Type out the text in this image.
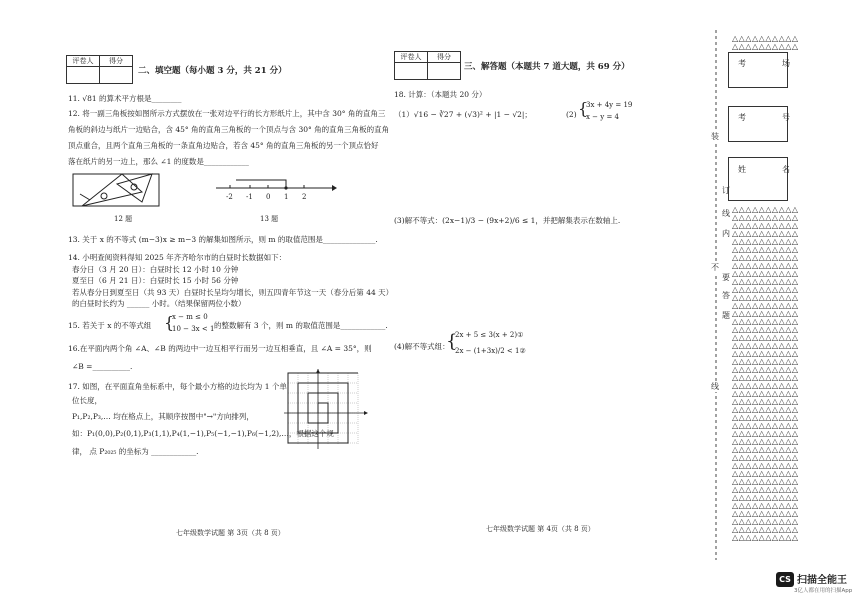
评卷人	得分

二、填空题（每小题 3 分，共 21 分）
11. √81 的算术平方根是________
12. 将一副三角板按如图所示方式摆放在一张对边平行的长方形纸片上，其中含 30° 角的直角三
角板的斜边与纸片一边贴合，含 45° 角的直角三角板的一个顶点与含 30° 角的直角三角板的直角
顶点重合，且两个直角三角板的一条直角边贴合，若含 45° 角的直角三角板的另一个顶点恰好
落在纸片的另一边上，那么 ∠1 的度数是____________
12 题
-2 -1 0 1 2
13 题
13. 关于 x 的不等式 (m−3)x ≥ m−3 的解集如图所示，则 m 的取值范围是______________.
14. 小明查阅资料得知 2025 年齐齐哈尔市的白昼时长数据如下：
春分日（3 月 20 日）：白昼时长 12 小时 10 分钟
夏至日（6 月 21 日）：白昼时长 15 小时 56 分钟
若从春分日到夏至日（共 93 天）白昼时长呈均匀增长，则五四青年节这一天（春分后第 44 天）
的白昼时长约为 ______ 小时。（结果保留两位小数）
15. 若关于 x 的不等式组 {
x − m ≤ 0
10 − 3x < 1 的整数解有 3 个，则 m 的取值范围是____________.
16.在平面内两个角 ∠A、∠B 的两边中一边互相平行而另一边互相垂直，且 ∠A = 35°，则
∠B =__________.
17. 如图，在平面直角坐标系中，每个最小方格的边长均为 1 个单
位长度，
P₁,P₂,P₃,… 均在格点上，其顺序按图中"→"方向排列，
如：P₁(0,0),P₂(0,1),P₃(1,1),P₄(1,−1),P₅(−1,−1),P₆(−1,2),…，根据这个规
律， 点 P₂₀₂₅ 的坐标为 ____________.
七年级数学试题 第 3页（共 8 页）
评卷人	得分

三、解答题（本题共 7 道大题，共 69 分）
18. 计算：（本题共 20 分）
（1）√16 − ∛27 + (√3)² + |1 − √2|；	(2) {
3x + 4y = 19
x − y = 4
(3)解不等式：(2x−1)/3 − (9x+2)/6 ≤ 1，并把解集表示在数轴上.
(4)解不等式组：
{
2x + 5 ≤ 3(x + 2)①
2x − (1+3x)/2 < 1②
七年级数学试题 第 4页（共 8 页）
装
订
线
内
不
要
答
题
线
△△△△△△△△△△
△△△△△△△△△△
考　场
考　号
姓　名
△△△△△△△△△△
△△△△△△△△△△
△△△△△△△△△△
△△△△△△△△△△
△△△△△△△△△△
△△△△△△△△△△
△△△△△△△△△△
△△△△△△△△△△
△△△△△△△△△△
△△△△△△△△△△
△△△△△△△△△△
△△△△△△△△△△
△△△△△△△△△△
△△△△△△△△△△
△△△△△△△△△△
△△△△△△△△△△
△△△△△△△△△△
△△△△△△△△△△
△△△△△△△△△△
△△△△△△△△△△
△△△△△△△△△△
△△△△△△△△△△
△△△△△△△△△△
△△△△△△△△△△
△△△△△△△△△△
△△△△△△△△△△
△△△△△△△△△△
△△△△△△△△△△
△△△△△△△△△△
△△△△△△△△△△
△△△△△△△△△△
△△△△△△△△△△
△△△△△△△△△△
△△△△△△△△△△
△△△△△△△△△△
△△△△△△△△△△
△△△△△△△△△△
△△△△△△△△△△
△△△△△△△△△△
△△△△△△△△△△
△△△△△△△△△△
△△△△△△△△△△
CS 扫描全能王
3亿人都在用的扫描App
